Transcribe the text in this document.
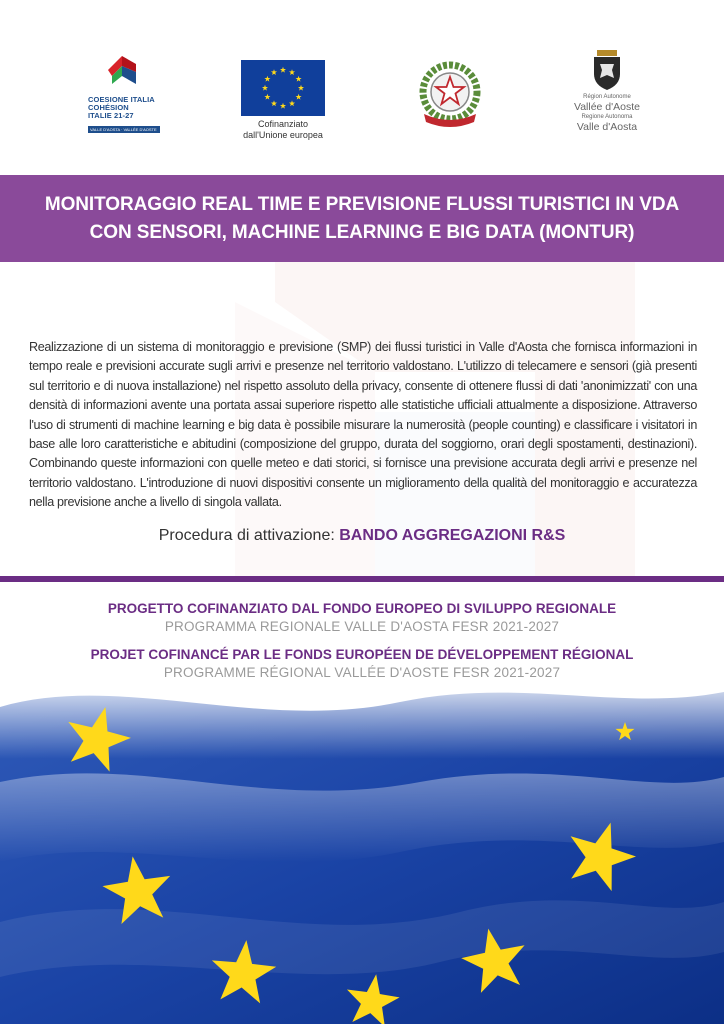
COESIONE ITALIA
COHÉSION
ITALIE 21-27
VALLE D'AOSTA · VALLÉE D'AOSTE
Cofinanziato
dall'Unione europea
Région Autonome
Vallée d'Aoste
Regione Autonoma
Valle d'Aosta
MONITORAGGIO REAL TIME E PREVISIONE FLUSSI TURISTICI IN VDA
CON SENSORI, MACHINE LEARNING E BIG DATA (MONTUR)

Realizzazione di un sistema di monitoraggio e previsione (SMP) dei flussi turistici in Valle d'Aosta che fornisca informazioni in tempo reale e previsioni accurate sugli arrivi e presenze nel territorio valdostano. L'utilizzo di telecamere e sensori (già presenti sul territorio e di nuova installazione) nel rispetto assoluto della privacy, consente di ottenere flussi di dati 'anonimizzati' con una densità di informazioni avente una portata assai superiore rispetto alle statistiche ufficiali attualmente a disposizione. Attraverso l'uso di strumenti di machine learning e big data è possibile misurare la numerosità (people counting) e classificare i visitatori in base alle loro caratteristiche e abitudini (composizione del gruppo, durata del soggiorno, orari degli spostamenti, destinazioni). Combinando queste informazioni con quelle meteo e dati storici, si fornisce una previsione accurata degli arrivi e presenze nel territorio valdostano. L'introduzione di nuovi dispositivi consente un miglioramento della qualità del monitoraggio e accuratezza nella previsione anche a livello di singola vallata.

Procedura di attivazione: BANDO AGGREGAZIONI R&S
PROGETTO COFINANZIATO DAL FONDO EUROPEO DI SVILUPPO REGIONALE
PROGRAMMA REGIONALE VALLE D'AOSTA FESR 2021-2027
PROJET COFINANCÉ PAR LE FONDS EUROPÉEN DE DÉVELOPPEMENT RÉGIONAL
PROGRAMME RÉGIONAL VALLÉE D'AOSTE FESR 2021-2027
